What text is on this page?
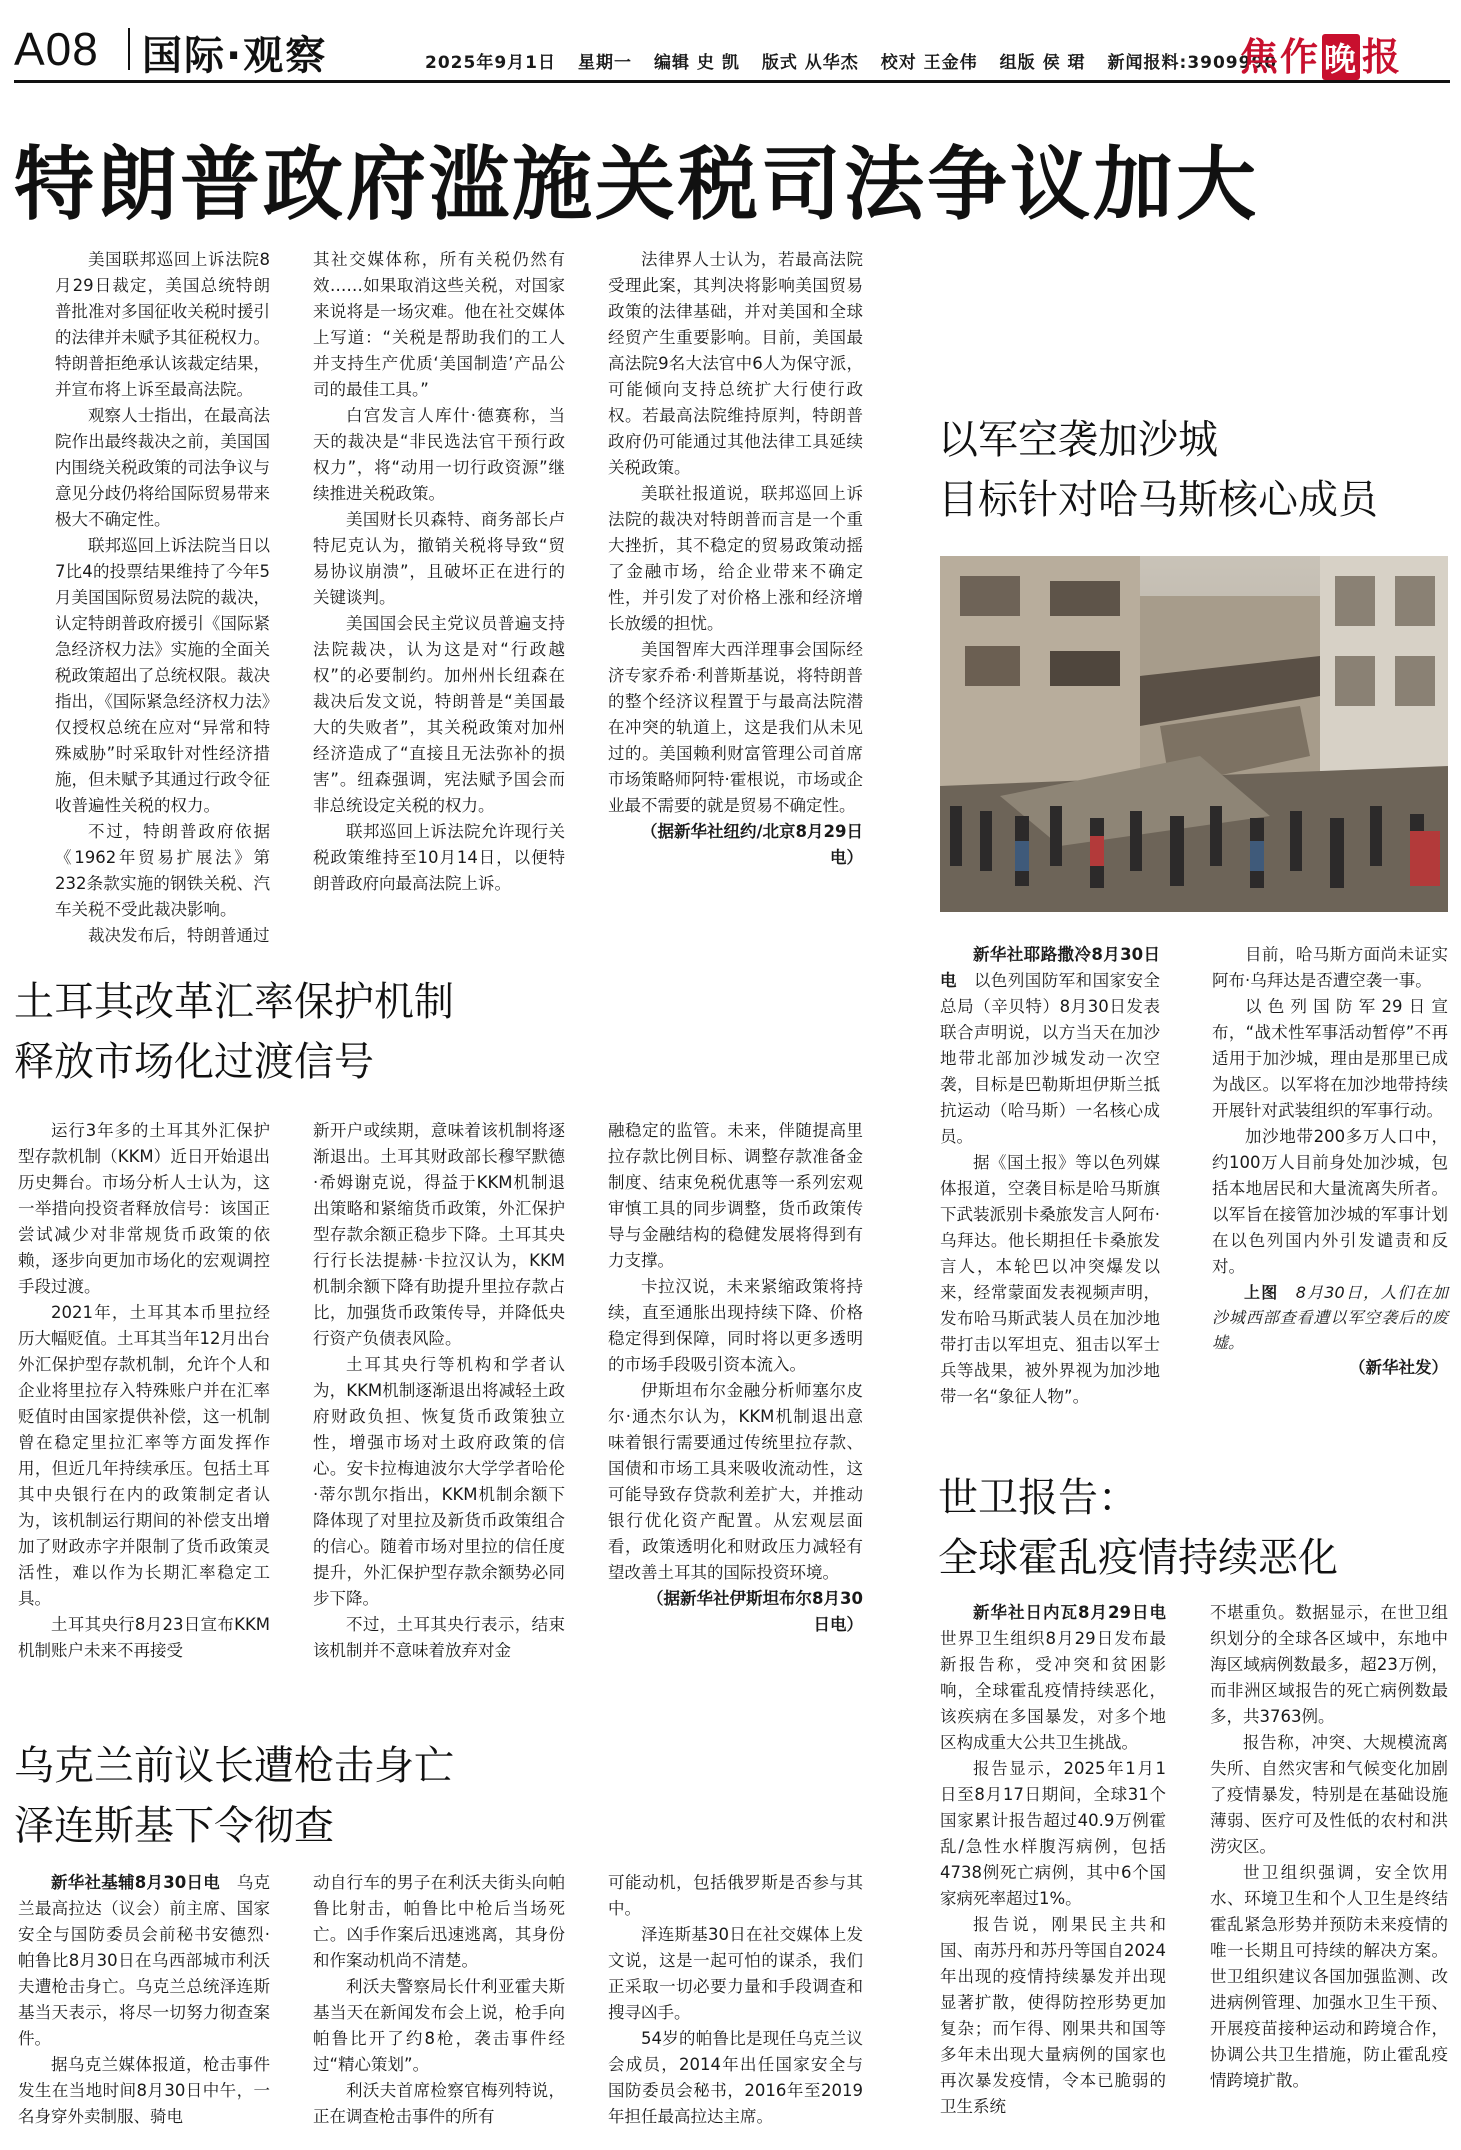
A08 国际·观察	2025年9月1日 星期一 编辑 史 凯 版式 从华杰 校对 王金伟 组版 侯 珺 新闻报料:3909990
焦作 晚 报
特朗普政府滥施关税司法争议加大

美国联邦巡回上诉法院8月29日裁定，美国总统特朗普批准对多国征收关税时援引的法律并未赋予其征税权力。特朗普拒绝承认该裁定结果，并宣布将上诉至最高法院。

观察人士指出，在最高法院作出最终裁决之前，美国国内围绕关税政策的司法争议与意见分歧仍将给国际贸易带来极大不确定性。

联邦巡回上诉法院当日以7比4的投票结果维持了今年5月美国国际贸易法院的裁决，认定特朗普政府援引《国际紧急经济权力法》实施的全面关税政策超出了总统权限。裁决指出，《国际紧急经济权力法》仅授权总统在应对“异常和特殊威胁”时采取针对性经济措施，但未赋予其通过行政令征收普遍性关税的权力。

不过，特朗普政府依据《1962年贸易扩展法》第232条款实施的钢铁关税、汽车关税不受此裁决影响。

裁决发布后，特朗普通过

其社交媒体称，所有关税仍然有效……如果取消这些关税，对国家来说将是一场灾难。他在社交媒体上写道：“关税是帮助我们的工人并支持生产优质‘美国制造’产品公司的最佳工具。”

白宫发言人库什·德赛称，当天的裁决是“非民选法官干预行政权力”，将“动用一切行政资源”继续推进关税政策。

美国财长贝森特、商务部长卢特尼克认为，撤销关税将导致“贸易协议崩溃”，且破坏正在进行的关键谈判。

美国国会民主党议员普遍支持法院裁决，认为这是对“行政越权”的必要制约。加州州长纽森在裁决后发文说，特朗普是“美国最大的失败者”，其关税政策对加州经济造成了“直接且无法弥补的损害”。纽森强调，宪法赋予国会而非总统设定关税的权力。

联邦巡回上诉法院允许现行关税政策维持至10月14日，以便特朗普政府向最高法院上诉。

法律界人士认为，若最高法院受理此案，其判决将影响美国贸易政策的法律基础，并对美国和全球经贸产生重要影响。目前，美国最高法院9名大法官中6人为保守派，可能倾向支持总统扩大行使行政权。若最高法院维持原判，特朗普政府仍可能通过其他法律工具延续关税政策。

美联社报道说，联邦巡回上诉法院的裁决对特朗普而言是一个重大挫折，其不稳定的贸易政策动摇了金融市场，给企业带来不确定性，并引发了对价格上涨和经济增长放缓的担忧。

美国智库大西洋理事会国际经济专家乔希·利普斯基说，将特朗普的整个经济议程置于与最高法院潜在冲突的轨道上，这是我们从未见过的。美国赖利财富管理公司首席市场策略师阿特·霍根说，市场或企业最不需要的就是贸易不确定性。

（据新华社纽约/北京8月29日电）

土耳其改革汇率保护机制
释放市场化过渡信号

运行3年多的土耳其外汇保护型存款机制（KKM）近日开始退出历史舞台。市场分析人士认为，这一举措向投资者释放信号：该国正尝试减少对非常规货币政策的依赖，逐步向更加市场化的宏观调控手段过渡。

2021年，土耳其本币里拉经历大幅贬值。土耳其当年12月出台外汇保护型存款机制，允许个人和企业将里拉存入特殊账户并在汇率贬值时由国家提供补偿，这一机制曾在稳定里拉汇率等方面发挥作用，但近几年持续承压。包括土耳其中央银行在内的政策制定者认为，该机制运行期间的补偿支出增加了财政赤字并限制了货币政策灵活性，难以作为长期汇率稳定工具。

土耳其央行8月23日宣布KKM机制账户未来不再接受

新开户或续期，意味着该机制将逐渐退出。土耳其财政部长穆罕默德·希姆谢克说，得益于KKM机制退出策略和紧缩货币政策，外汇保护型存款余额正稳步下降。土耳其央行行长法提赫·卡拉汉认为，KKM机制余额下降有助提升里拉存款占比，加强货币政策传导，并降低央行资产负债表风险。

土耳其央行等机构和学者认为，KKM机制逐渐退出将减轻土政府财政负担、恢复货币政策独立性，增强市场对土政府政策的信心。安卡拉梅迪波尔大学学者哈伦·蒂尔凯尔指出，KKM机制余额下降体现了对里拉及新货币政策组合的信心。随着市场对里拉的信任度提升，外汇保护型存款余额势必同步下降。

不过，土耳其央行表示，结束该机制并不意味着放弃对金

融稳定的监管。未来，伴随提高里拉存款比例目标、调整存款准备金制度、结束免税优惠等一系列宏观审慎工具的同步调整，货币政策传导与金融结构的稳健发展将得到有力支撑。

卡拉汉说，未来紧缩政策将持续，直至通胀出现持续下降、价格稳定得到保障，同时将以更多透明的市场手段吸引资本流入。

伊斯坦布尔金融分析师塞尔皮尔·通杰尔认为，KKM机制退出意味着银行需要通过传统里拉存款、国债和市场工具来吸收流动性，这可能导致存贷款利差扩大，并推动银行优化资产配置。从宏观层面看，政策透明化和财政压力减轻有望改善土耳其的国际投资环境。

（据新华社伊斯坦布尔8月30日电）

乌克兰前议长遭枪击身亡
泽连斯基下令彻查

新华社基辅8月30日电　 乌克兰最高拉达（议会）前主席、国家安全与国防委员会前秘书安德烈·帕鲁比8月30日在乌西部城市利沃夫遭枪击身亡。乌克兰总统泽连斯基当天表示，将尽一切努力彻查案件。

据乌克兰媒体报道，枪击事件发生在当地时间8月30日中午，一名身穿外卖制服、骑电

动自行车的男子在利沃夫街头向帕鲁比射击，帕鲁比中枪后当场死亡。凶手作案后迅速逃离，其身份和作案动机尚不清楚。

利沃夫警察局长什利亚霍夫斯基当天在新闻发布会上说，枪手向帕鲁比开了约8枪，袭击事件经过“精心策划”。

利沃夫首席检察官梅列特说，正在调查枪击事件的所有

可能动机，包括俄罗斯是否参与其中。

泽连斯基30日在社交媒体上发文说，这是一起可怕的谋杀，我们正采取一切必要力量和手段调查和搜寻凶手。

54岁的帕鲁比是现任乌克兰议会成员，2014年出任国家安全与国防委员会秘书，2016年至2019年担任最高拉达主席。

以军空袭加沙城
目标针对哈马斯核心成员

新华社耶路撒冷8月30日电　 以色列国防军和国家安全总局（辛贝特）8月30日发表联合声明说，以方当天在加沙地带北部加沙城发动一次空袭，目标是巴勒斯坦伊斯兰抵抗运动（哈马斯）一名核心成员。

据《国土报》等以色列媒体报道，空袭目标是哈马斯旗下武装派别卡桑旅发言人阿布·乌拜达。他长期担任卡桑旅发言人，本轮巴以冲突爆发以来，经常蒙面发表视频声明，发布哈马斯武装人员在加沙地带打击以军坦克、狙击以军士兵等战果，被外界视为加沙地带一名“象征人物”。

目前，哈马斯方面尚未证实阿布·乌拜达是否遭空袭一事。

以色列国防军29日宣布，“战术性军事活动暂停”不再适用于加沙城，理由是那里已成为战区。以军将在加沙地带持续开展针对武装组织的军事行动。

加沙地带200多万人口中，约100万人目前身处加沙城，包括本地居民和大量流离失所者。以军旨在接管加沙城的军事计划在以色列国内外引发谴责和反对。

上图　 8月30日，人们在加沙城西部查看遭以军空袭后的废墟。

（新华社发）

世卫报告：
全球霍乱疫情持续恶化

新华社日内瓦8月29日电　世界卫生组织8月29日发布最新报告称，受冲突和贫困影响，全球霍乱疫情持续恶化，该疾病在多国暴发，对多个地区构成重大公共卫生挑战。

报告显示，2025年1月1日至8月17日期间，全球31个国家累计报告超过40.9万例霍乱/急性水样腹泻病例，包括4738例死亡病例，其中6个国家病死率超过1%。

报告说，刚果民主共和国、南苏丹和苏丹等国自2024年出现的疫情持续暴发并出现显著扩散，使得防控形势更加复杂；而乍得、刚果共和国等多年未出现大量病例的国家也再次暴发疫情，令本已脆弱的卫生系统

不堪重负。数据显示，在世卫组织划分的全球各区域中，东地中海区域病例数最多，超23万例，而非洲区域报告的死亡病例数最多，共3763例。

报告称，冲突、大规模流离失所、自然灾害和气候变化加剧了疫情暴发，特别是在基础设施薄弱、医疗可及性低的农村和洪涝灾区。

世卫组织强调，安全饮用水、环境卫生和个人卫生是终结霍乱紧急形势并预防未来疫情的唯一长期且可持续的解决方案。世卫组织建议各国加强监测、改进病例管理、加强水卫生干预、开展疫苗接种运动和跨境合作，协调公共卫生措施，防止霍乱疫情跨境扩散。
